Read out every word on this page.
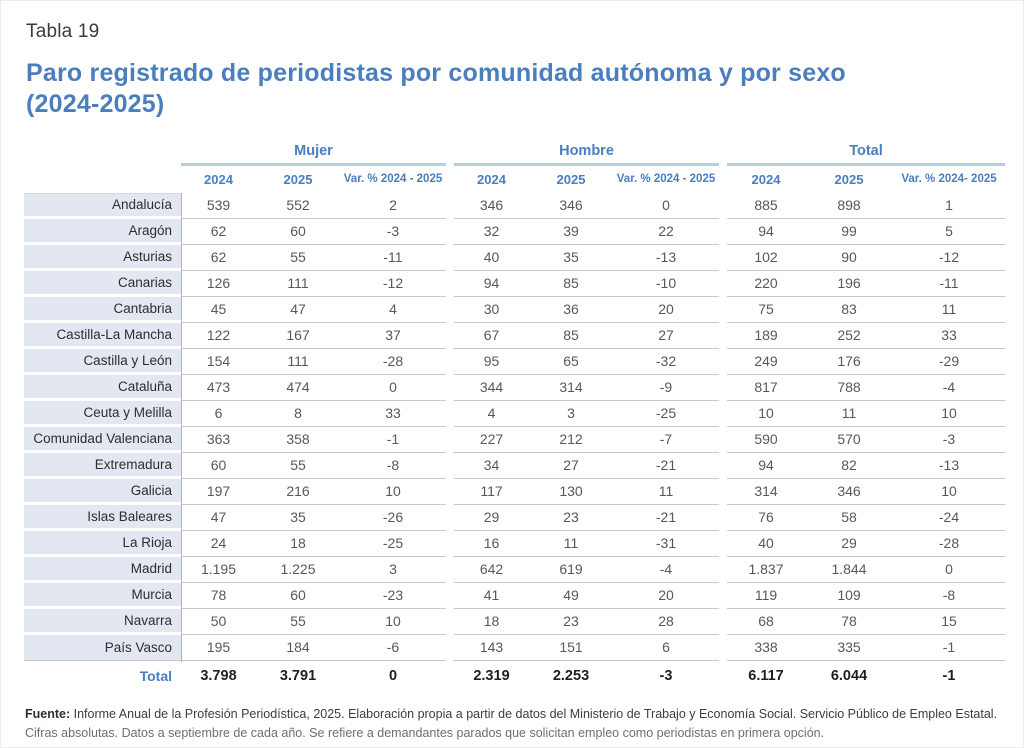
Tabla 19
Paro registrado de periodistas por comunidad autónoma y por sexo
(2024-2025)
	Mujer				Hombre				Total		
	2024	2025	Var. % 2024 - 2025		2024	2025	Var. % 2024 - 2025		2024	2025	Var. % 2024- 2025
Andalucía	539	552	2		346	346	0		885	898	1
Aragón	62	60	-3		32	39	22		94	99	5
Asturias	62	55	-11		40	35	-13		102	90	-12
Canarias	126	111	-12		94	85	-10		220	196	-11
Cantabria	45	47	4		30	36	20		75	83	11
Castilla-La Mancha	122	167	37		67	85	27		189	252	33
Castilla y León	154	111	-28		95	65	-32		249	176	-29
Cataluña	473	474	0		344	314	-9		817	788	-4
Ceuta y Melilla	6	8	33		4	3	-25		10	11	10
Comunidad Valenciana	363	358	-1		227	212	-7		590	570	-3
Extremadura	60	55	-8		34	27	-21		94	82	-13
Galicia	197	216	10		117	130	11		314	346	10
Islas Baleares	47	35	-26		29	23	-21		76	58	-24
La Rioja	24	18	-25		16	11	-31		40	29	-28
Madrid	1.195	1.225	3		642	619	-4		1.837	1.844	0
Murcia	78	60	-23		41	49	20		119	109	-8
Navarra	50	55	10		18	23	28		68	78	15
País Vasco	195	184	-6		143	151	6		338	335	-1
Total	3.798	3.791	0		2.319	2.253	-3		6.117	6.044	-1

Fuente: Informe Anual de la Profesión Periodística, 2025. Elaboración propia a partir de datos del Ministerio de Trabajo y Economía Social. Servicio Público de Empleo Estatal.

Cifras absolutas. Datos a septiembre de cada año. Se refiere a demandantes parados que solicitan empleo como periodistas en primera opción.
